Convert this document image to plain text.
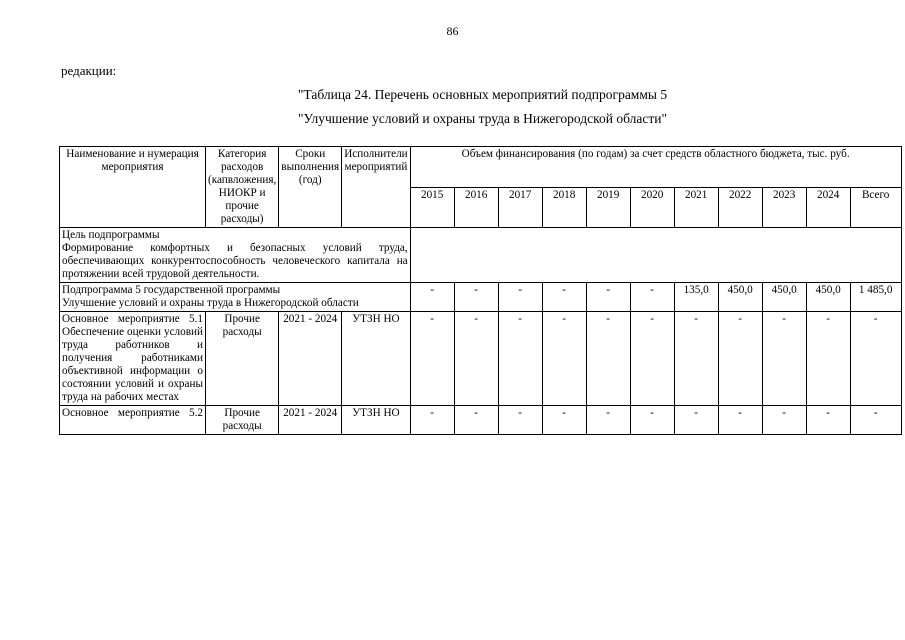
86
редакции:
"Таблица 24. Перечень основных мероприятий подпрограммы 5
"Улучшение условий и охраны труда в Нижегородской области"
Наименование и нумерация мероприятия	Категория расходов (капвложения, НИОКР и прочие расходы)	Сроки выполнения (год)	Исполнители мероприятий	Объем финансирования (по годам) за счет средств областного бюджета, тыс. руб.										
				2015	2016	2017	2018	2019	2020	2021	2022	2023	2024	Всего

Цель подпрограммы
Формирование комфортных и безопасных условий труда, обеспечивающих конкурентоспособность человеческого капитала на протяжении всей трудовой деятельности.														

Подпрограмма 5 государственной программы
Улучшение условий и охраны труда в Нижегородской области				-	-	-	-	-	-	135,0	450,0	450,0	450,0	1 485,0

Основное мероприятие 5.1
Обеспечение оценки условий труда работников и получения работниками объективной информации о состоянии условий и охраны труда на рабочих местах	Прочие расходы	2021 - 2024	УТЗН НО	-	-	-	-	-	-	-	-	-	-	-

Основное мероприятие 5.2	Прочие расходы	2021 - 2024	УТЗН НО	-	-	-	-	-	-	-	-	-	-	-
